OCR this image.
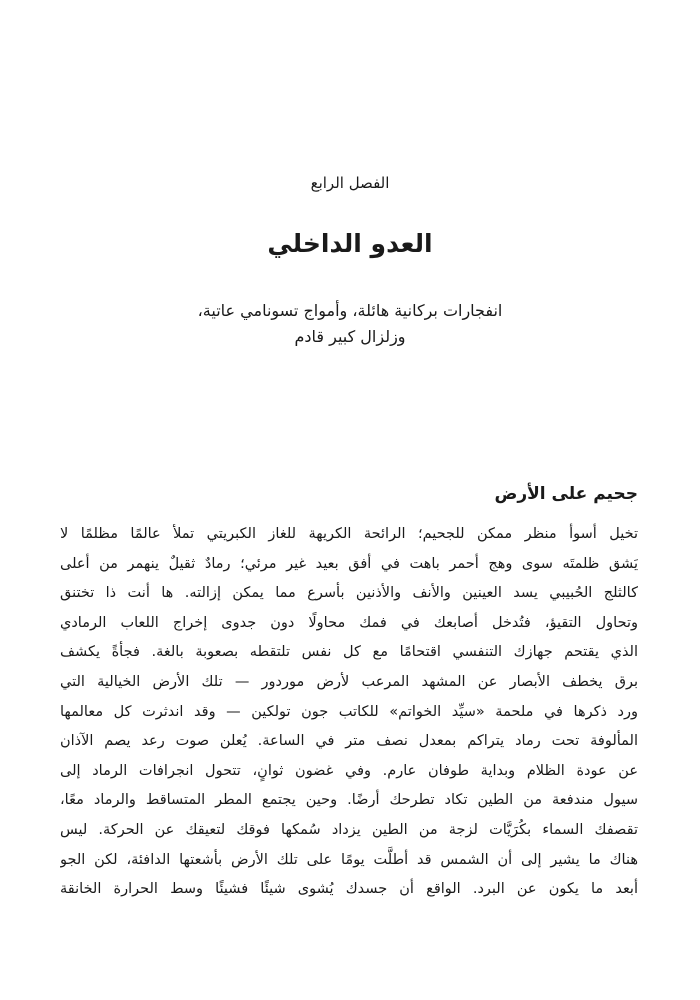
الفصل الرابع
العدو الداخلي
انفجارات بركانية هائلة، وأمواج تسونامي عاتية،
وزلزال كبير قادم
جحيم على الأرض
تخيل أسوأ منظر ممكن للجحيم؛ الرائحة الكريهة للغاز الكبريتي تملأ عالمًا مظلمًا لا
يَشق ظلمتَه سوى وهج أحمر باهت في أفق بعيد غير مرئي؛ رمادٌ ثقيلٌ ينهمر من أعلى
كالثلج الحُبيبي يسد العينين والأنف والأذنين بأسرع مما يمكن إزالته. ها أنت ذا تختنق
وتحاول التقيؤ، فتُدخل أصابعك في فمك محاولًا دون جدوى إخراج اللعاب الرمادي
الذي يقتحم جهازك التنفسي اقتحامًا مع كل نفس تلتقطه بصعوبة بالغة. فجأةً يكشف
برق يخطف الأبصار عن المشهد المرعب لأرض موردور — تلك الأرض الخيالية التي
ورد ذكرها في ملحمة «سيِّد الخواتم» للكاتب جون تولكين — وقد اندثرت كل معالمها
المألوفة تحت رماد يتراكم بمعدل نصف متر في الساعة. يُعلن صوت رعد يصم الآذان
عن عودة الظلام وبداية طوفان عارم. وفي غضون ثوانٍ، تتحول انجرافات الرماد إلى
سيول مندفعة من الطين تكاد تطرحك أرضًا. وحين يجتمع المطر المتساقط والرماد معًا،
تقصفك السماء بكُرَيَّات لزجة من الطين يزداد سُمكها فوقك لتعيقك عن الحركة. ليس
هناك ما يشير إلى أن الشمس قد أطلَّت يومًا على تلك الأرض بأشعتها الدافئة، لكن الجو
أبعد ما يكون عن البرد. الواقع أن جسدك يُشوى شيئًا فشيئًا وسط الحرارة الخانقة
